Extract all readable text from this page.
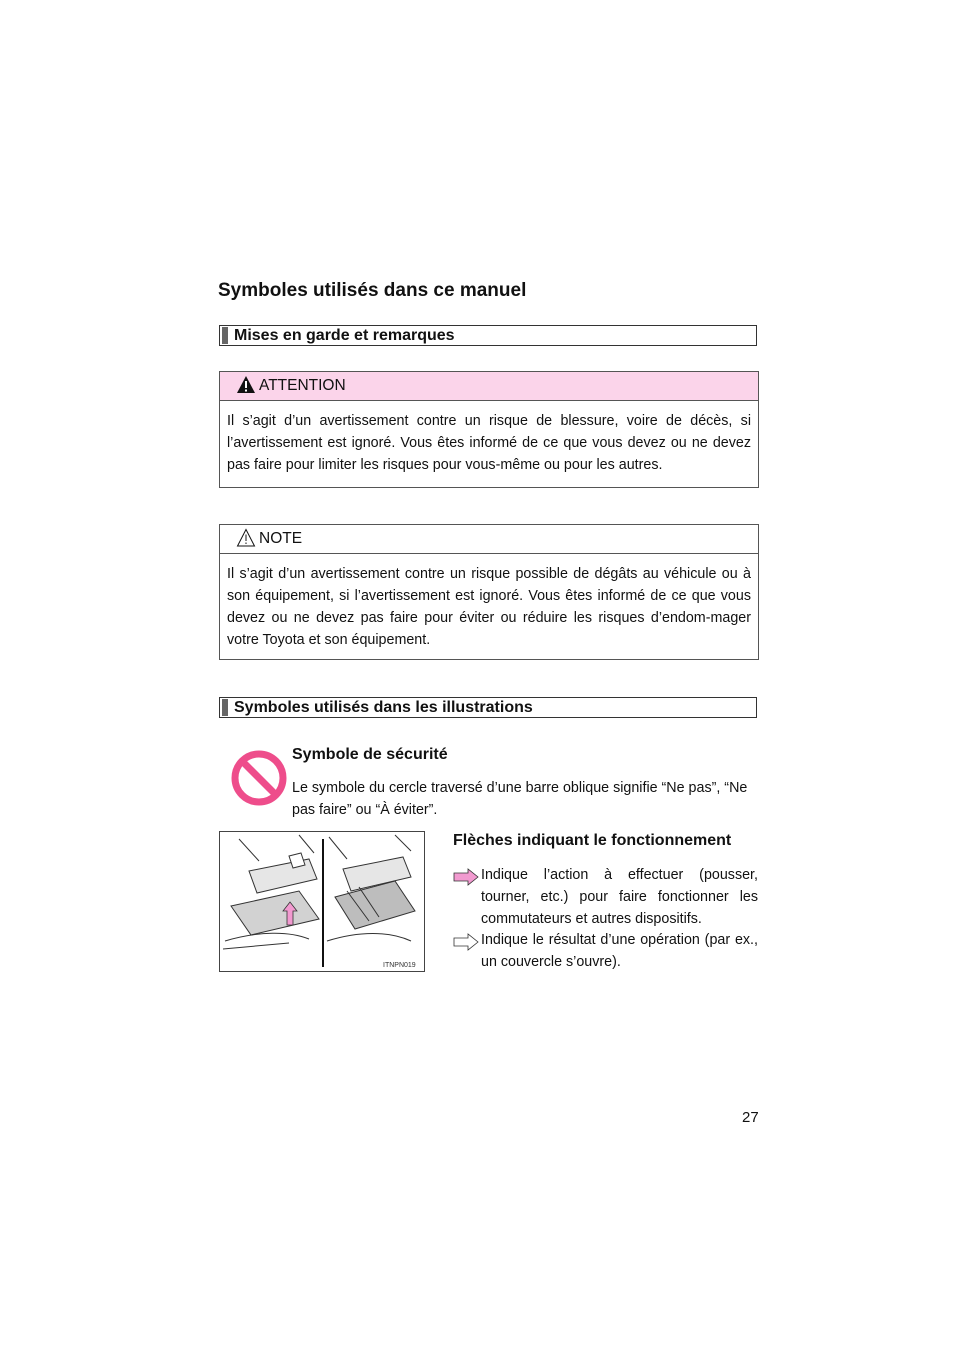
Symboles utilisés dans ce manuel
Mises en garde et remarques
ATTENTION
Il s’agit d’un avertissement contre un risque de blessure, voire de décès, si l’avertissement est ignoré. Vous êtes informé de ce que vous devez ou ne devez pas faire pour limiter les risques pour vous-même ou pour les autres.
NOTE
Il s’agit d’un avertissement contre un risque possible de dégâts au véhicule ou à son équipement, si l’avertissement est ignoré. Vous êtes informé de ce que vous devez ou ne devez pas faire pour éviter ou réduire les risques d’endom-mager votre Toyota et son équipement.
Symboles utilisés dans les illustrations
Symbole de sécurité
Le symbole du cercle traversé d’une barre oblique signifie “Ne pas”, “Ne pas faire” ou “À éviter”.
ITNPN019
Flèches indiquant le fonctionnement
Indique l’action à effectuer (pousser, tourner, etc.) pour faire fonctionner les commutateurs et autres dispositifs.
Indique le résultat d’une opération (par ex., un couvercle s’ouvre).
27
